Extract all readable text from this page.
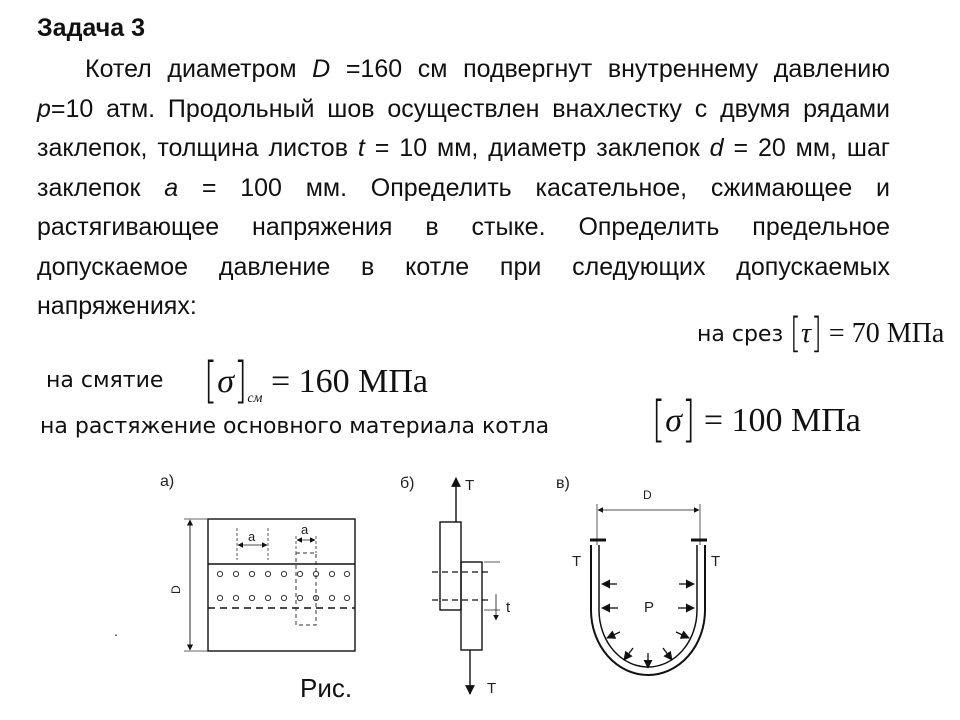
Задача 3

Котел диаметром D =160 см подвергнут внутреннему давлению p=10 атм. Продольный шов осуществлен внахлестку с двумя рядами заклепок, толщина листов t = 10 мм, диаметр заклепок d = 20 мм, шаг заклепок a = 100 мм. Определить касательное, сжимающее и растягивающее напряжения в стыке. Определить предельное допускаемое давление в котле при следующих допускаемых напряжениях:

на срез [τ] = 70 МПа
на смятие $[\sigma]_{см} = 160$ МПа
на растяжение основного материала котла	[σ] = 100 МПа
а)
a	a
D
.
б)	T
t
T
в)
D
T	T
P
Рис.
